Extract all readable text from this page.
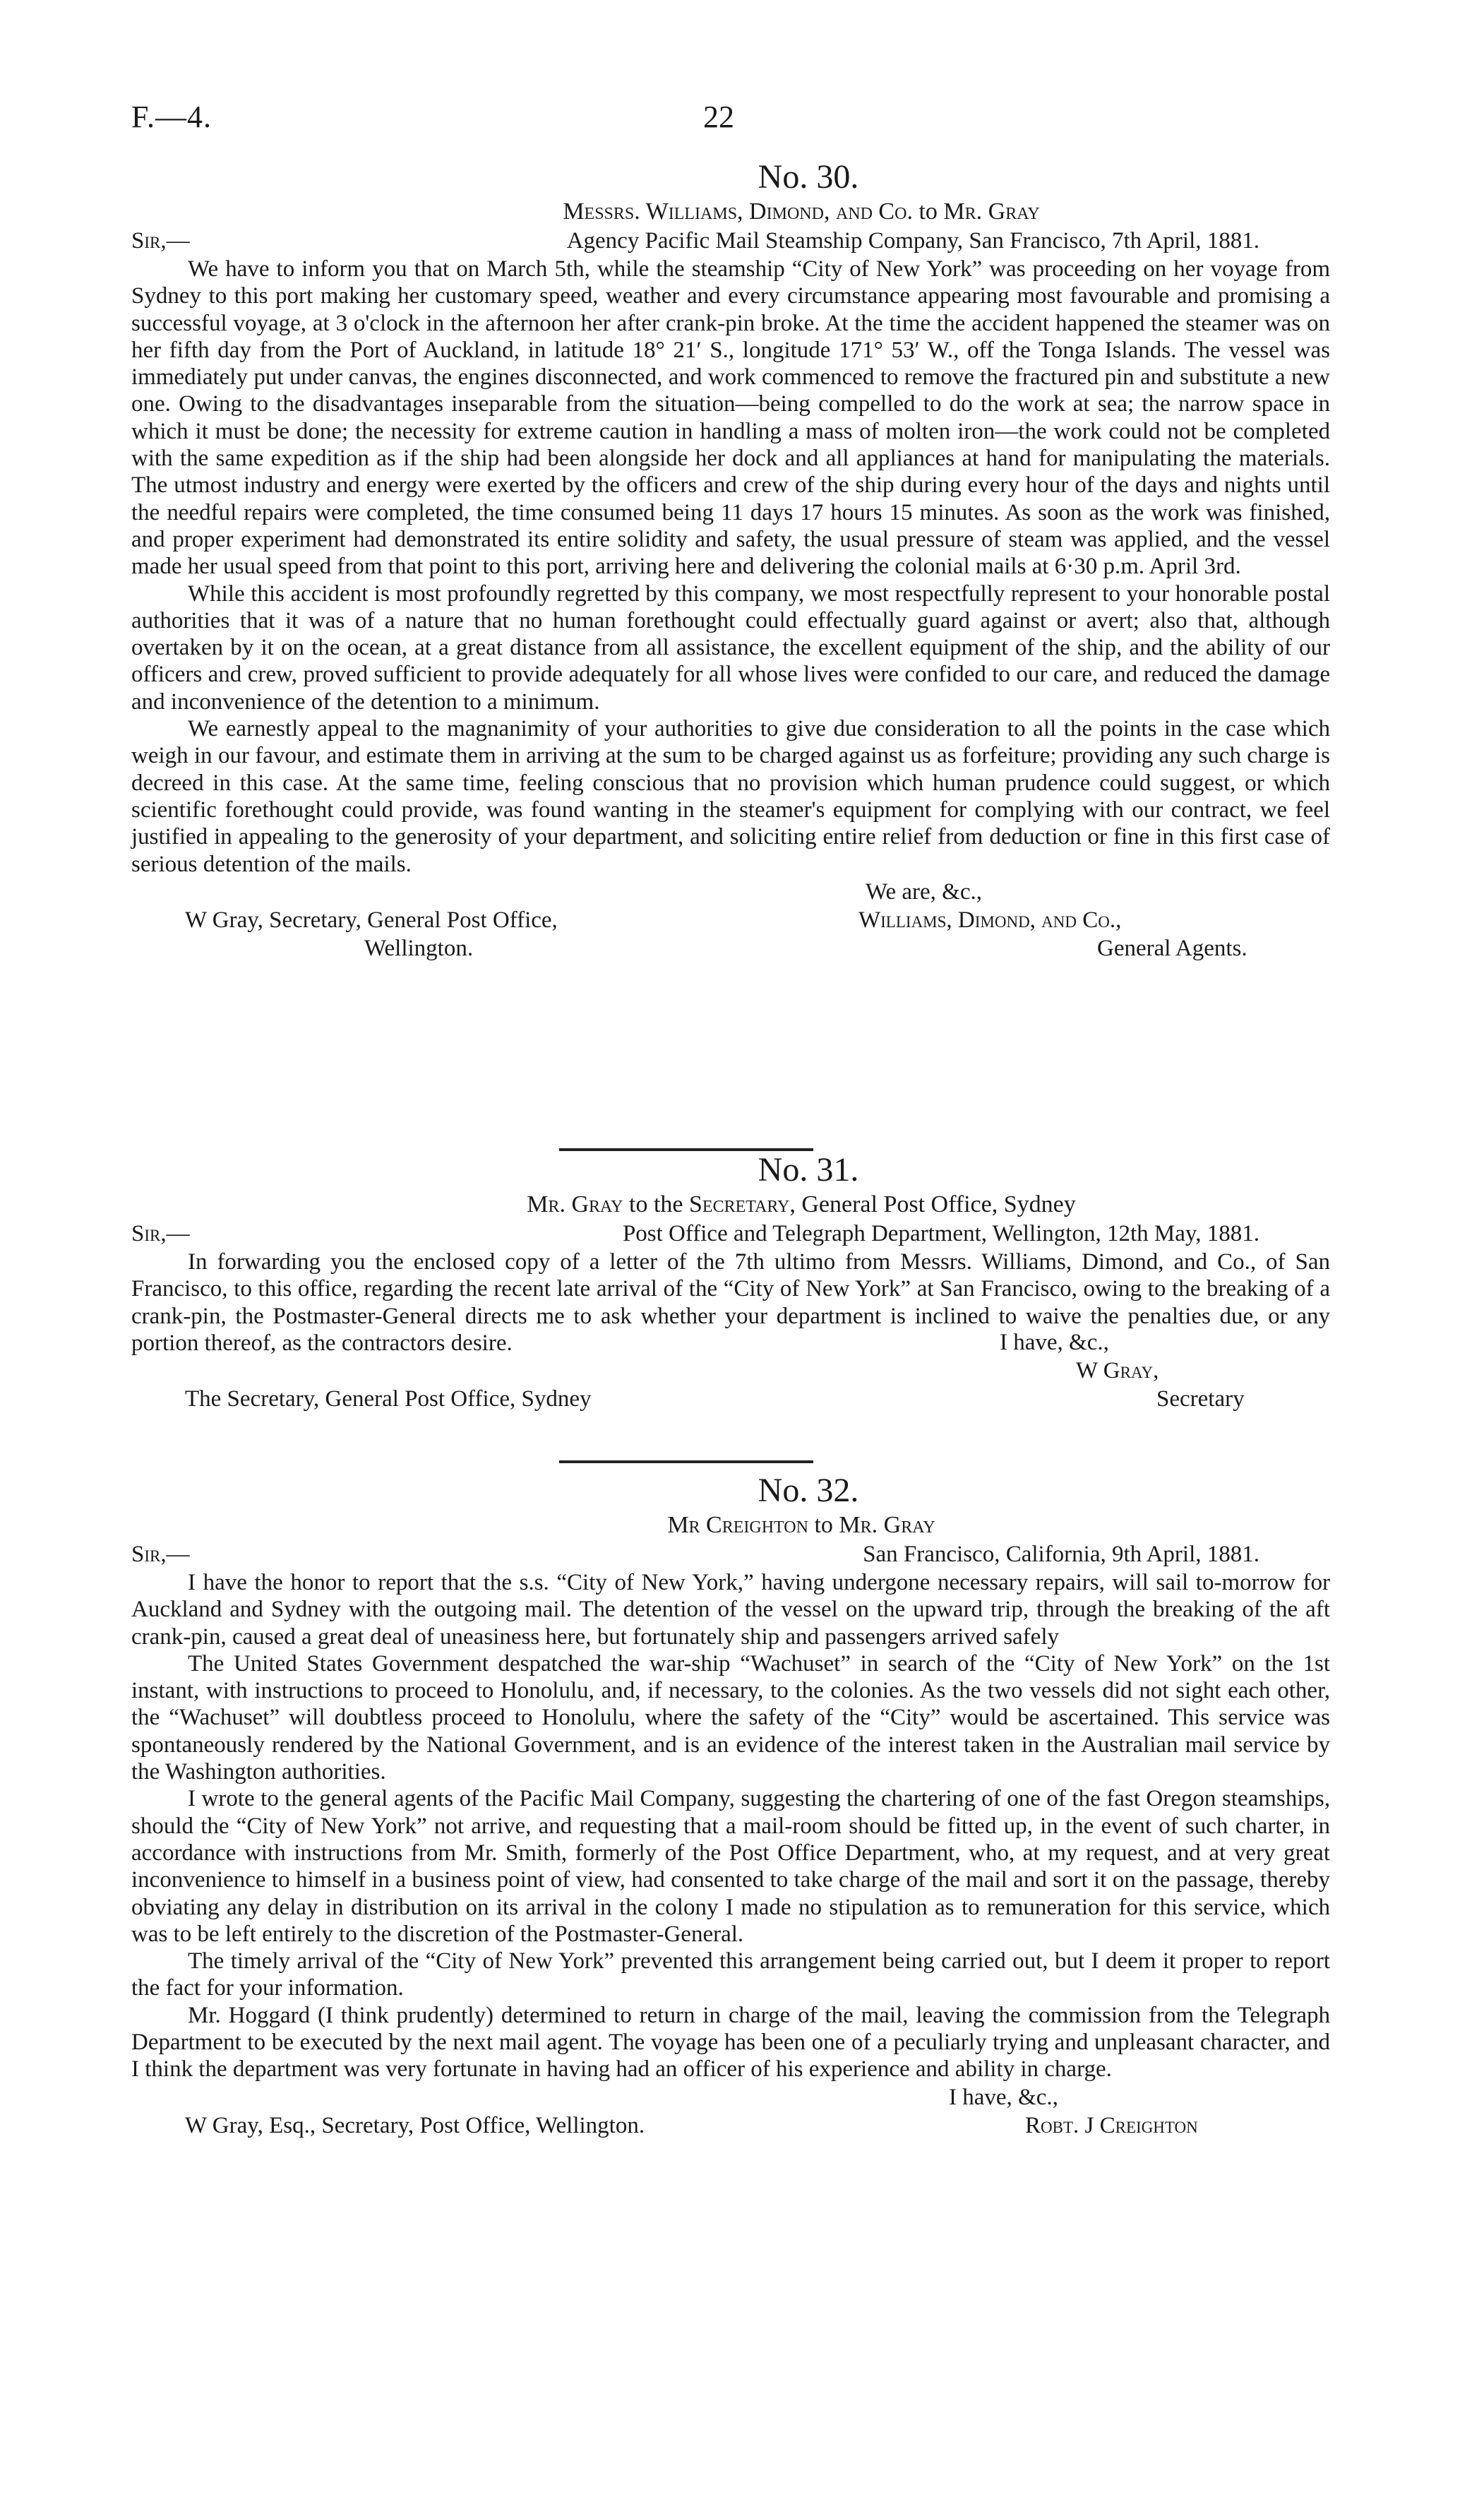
F.—4.	22
No. 30.
Messrs. Williams, Dimond, and Co. to Mr. Gray
Sir,—	Agency Pacific Mail Steamship Company, San Francisco, 7th April, 1881.

We have to inform you that on March 5th, while the steamship “City of New York” was proceeding on her voyage from Sydney to this port making her customary speed, weather and every circumstance appearing most favourable and promising a successful voyage, at 3 o'clock in the afternoon her after crank-pin broke. At the time the accident happened the steamer was on her fifth day from the Port of Auckland, in latitude 18° 21′ S., longitude 171° 53′ W., off the Tonga Islands. The vessel was immediately put under canvas, the engines disconnected, and work commenced to remove the fractured pin and substitute a new one. Owing to the disadvantages inseparable from the situation—being compelled to do the work at sea; the narrow space in which it must be done; the necessity for extreme caution in handling a mass of molten iron—the work could not be completed with the same expedition as if the ship had been alongside her dock and all appliances at hand for manipulating the materials. The utmost industry and energy were exerted by the officers and crew of the ship during every hour of the days and nights until the needful repairs were completed, the time consumed being 11 days 17 hours 15 minutes. As soon as the work was finished, and proper experiment had demonstrated its entire solidity and safety, the usual pressure of steam was applied, and the vessel made her usual speed from that point to this port, arriving here and delivering the colonial mails at 6·30 p.m. April 3rd.

While this accident is most profoundly regretted by this company, we most respectfully represent to your honorable postal authorities that it was of a nature that no human forethought could effectually guard against or avert; also that, although overtaken by it on the ocean, at a great distance from all assistance, the excellent equipment of the ship, and the ability of our officers and crew, proved sufficient to provide adequately for all whose lives were confided to our care, and reduced the damage and inconvenience of the detention to a minimum.

We earnestly appeal to the magnanimity of your authorities to give due consideration to all the points in the case which weigh in our favour, and estimate them in arriving at the sum to be charged against us as forfeiture; providing any such charge is decreed in this case. At the same time, feeling conscious that no provision which human prudence could suggest, or which scientific forethought could provide, was found wanting in the steamer's equipment for complying with our contract, we feel justified in appealing to the generosity of your department, and soliciting entire relief from deduction or fine in this first case of serious detention of the mails.

We are, &c.,
W Gray, Secretary, General Post Office,	Williams, Dimond, and Co.,
Wellington.	General Agents.
No. 31.
Mr. Gray to the Secretary, General Post Office, Sydney
Sir,—	Post Office and Telegraph Department, Wellington, 12th May, 1881.

In forwarding you the enclosed copy of a letter of the 7th ultimo from Messrs. Williams, Dimond, and Co., of San Francisco, to this office, regarding the recent late arrival of the “City of New York” at San Francisco, owing to the breaking of a crank-pin, the Postmaster-General directs me to ask whether your department is inclined to waive the penalties due, or any portion thereof, as the contractors desire.	I have, &c.,
W Gray,
The Secretary, General Post Office, Sydney	Secretary
No. 32.
Mr Creighton to Mr. Gray
Sir,—	San Francisco, California, 9th April, 1881.

I have the honor to report that the s.s. “City of New York,” having undergone necessary repairs, will sail to-morrow for Auckland and Sydney with the outgoing mail. The detention of the vessel on the upward trip, through the breaking of the aft crank-pin, caused a great deal of uneasiness here, but fortunately ship and passengers arrived safely

The United States Government despatched the war-ship “Wachuset” in search of the “City of New York” on the 1st instant, with instructions to proceed to Honolulu, and, if necessary, to the colonies. As the two vessels did not sight each other, the “Wachuset” will doubtless proceed to Honolulu, where the safety of the “City” would be ascertained. This service was spontaneously rendered by the National Government, and is an evidence of the interest taken in the Australian mail service by the Washington authorities.

I wrote to the general agents of the Pacific Mail Company, suggesting the chartering of one of the fast Oregon steamships, should the “City of New York” not arrive, and requesting that a mail-room should be fitted up, in the event of such charter, in accordance with instructions from Mr. Smith, formerly of the Post Office Department, who, at my request, and at very great inconvenience to himself in a business point of view, had consented to take charge of the mail and sort it on the passage, thereby obviating any delay in distribution on its arrival in the colony I made no stipulation as to remuneration for this service, which was to be left entirely to the discretion of the Postmaster-General.

The timely arrival of the “City of New York” prevented this arrangement being carried out, but I deem it proper to report the fact for your information.

Mr. Hoggard (I think prudently) determined to return in charge of the mail, leaving the commission from the Telegraph Department to be executed by the next mail agent. The voyage has been one of a peculiarly trying and unpleasant character, and I think the department was very fortunate in having had an officer of his experience and ability in charge.

I have, &c.,
W Gray, Esq., Secretary, Post Office, Wellington.	Robt. J Creighton
